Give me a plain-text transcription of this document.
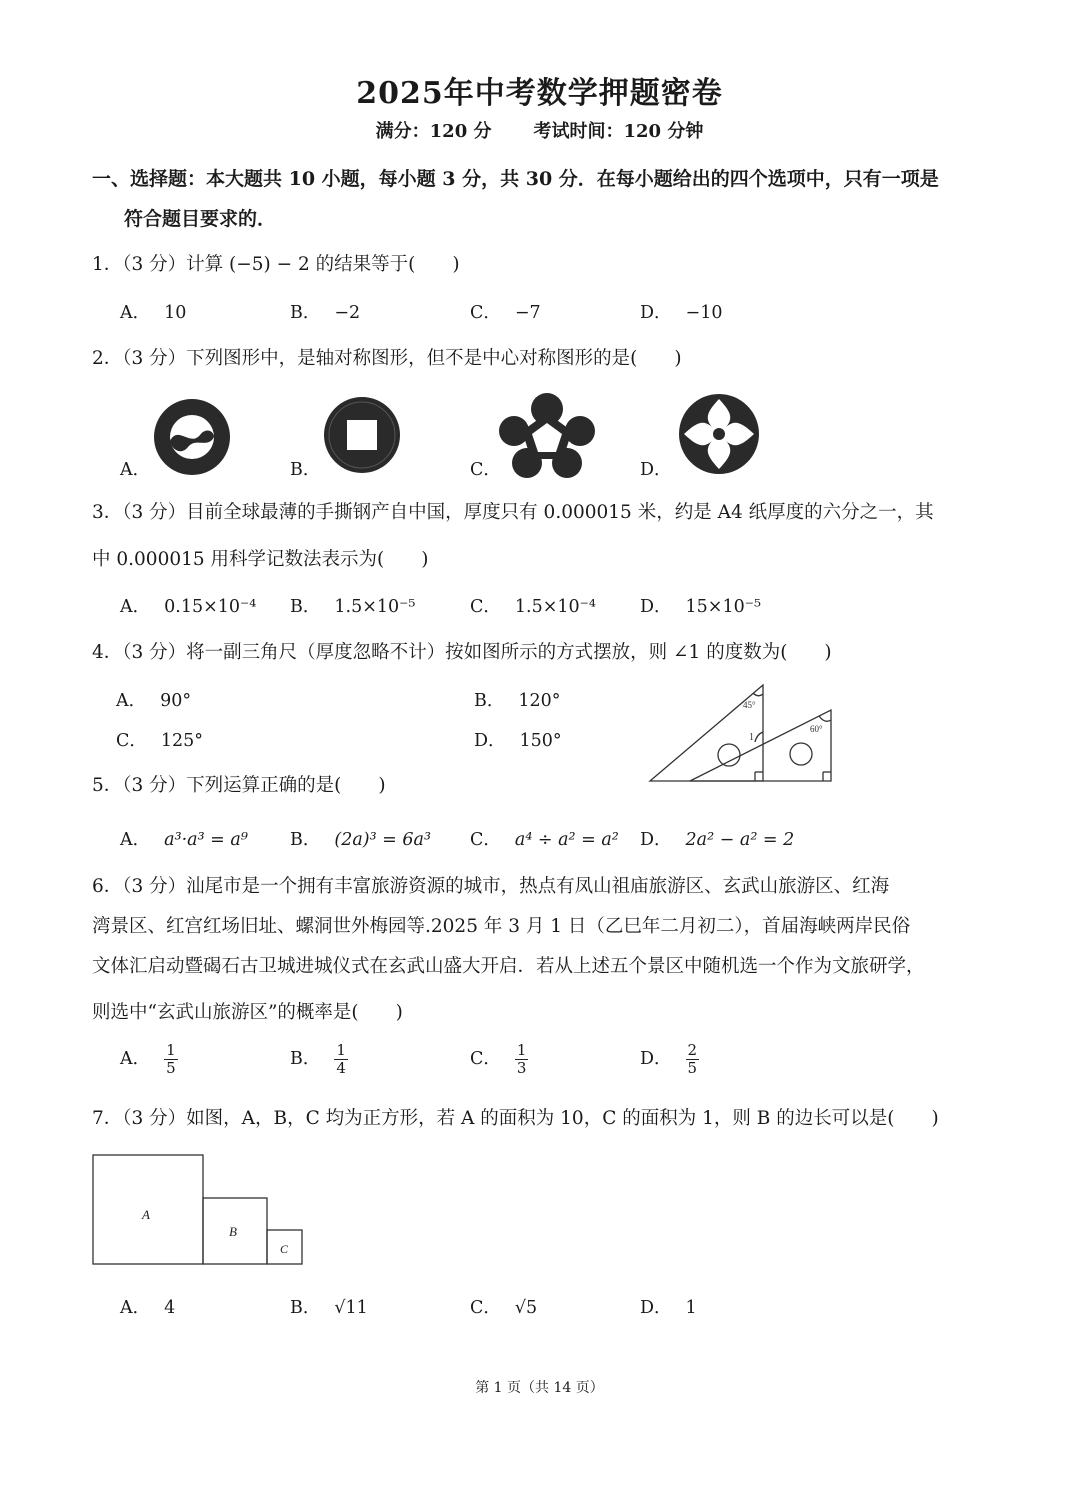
2025年中考数学押题密卷
满分：120 分 考试时间：120 分钟
一、选择题：本大题共 10 小题，每小题 3 分，共 30 分．在每小题给出的四个选项中，只有一项是
符合题目要求的．
1．（3 分）计算 (−5) − 2 的结果等于(　　)
A． 10	B． −2	C． −7	D． −10
2．（3 分）下列图形中，是轴对称图形，但不是中心对称图形的是(　　)
A．	B．	C．	D．
3．（3 分）目前全球最薄的手撕钢产自中国，厚度只有 0.000015 米，约是 A4 纸厚度的六分之一，其
中 0.000015 用科学记数法表示为(　　)
A． 0.15×10⁻⁴ B． 1.5×10⁻⁵	C． 1.5×10⁻⁴	D． 15×10⁻⁵
4．（3 分）将一副三角尺（厚度忽略不计）按如图所示的方式摆放，则 ∠1 的度数为(　　)
A． 90°	B． 120°
C． 125°	D． 150°
45°
60°
1
5．（3 分）下列运算正确的是(　　)
A． a³·a³ = a⁹ B． (2a)³ = 6a³ C． a⁴ ÷ a² = a² D． 2a² − a² = 2
6．（3 分）汕尾市是一个拥有丰富旅游资源的城市，热点有凤山祖庙旅游区、玄武山旅游区、红海
湾景区、红宫红场旧址、螺洞世外梅园等.2025 年 3 月 1 日（乙巳年二月初二），首届海峡两岸民俗
文体汇启动暨碣石古卫城进城仪式在玄武山盛大开启．若从上述五个景区中随机选一个作为文旅研学，
则选中“玄武山旅游区”的概率是(　　)
A． $\frac{1}{5}$	B． $\frac{1}{4}$	C． $\frac{1}{3}$	D． $\frac{2}{5}$
7．（3 分）如图，A，B，C 均为正方形，若 A 的面积为 10，C 的面积为 1，则 B 的边长可以是(　　)
A
B
C
A． 4	B． √11	C． √5	D． 1
第 1 页（共 14 页）
